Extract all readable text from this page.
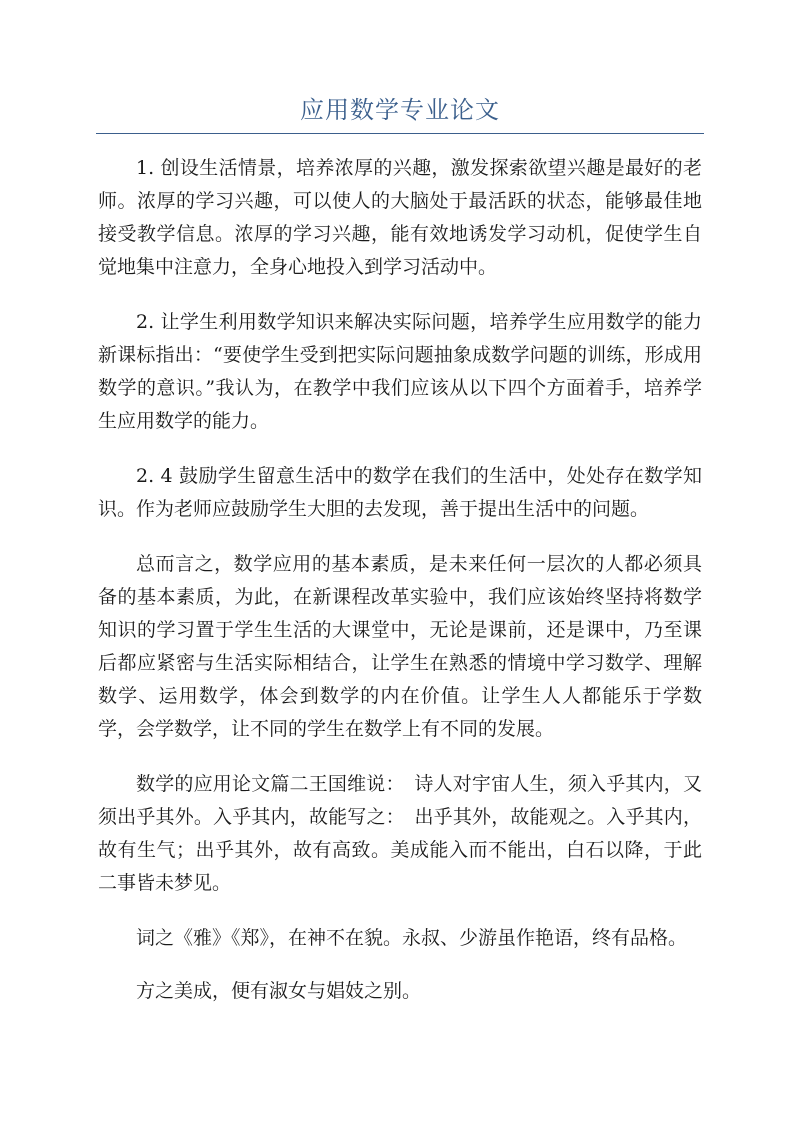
应用数学专业论文

1. 创设生活情景，培养浓厚的兴趣，激发探索欲望兴趣是最好的老师。浓厚的学习兴趣，可以使人的大脑处于最活跃的状态，能够最佳地接受教学信息。浓厚的学习兴趣，能有效地诱发学习动机，促使学生自觉地集中注意力，全身心地投入到学习活动中。

2. 让学生利用数学知识来解决实际问题，培养学生应用数学的能力新课标指出：“要使学生受到把实际问题抽象成数学问题的训练，形成用数学的意识。”我认为，在教学中我们应该从以下四个方面着手，培养学生应用数学的能力。

2. 4 鼓励学生留意生活中的数学在我们的生活中，处处存在数学知识。作为老师应鼓励学生大胆的去发现，善于提出生活中的问题。

总而言之，数学应用的基本素质，是未来任何一层次的人都必须具备的基本素质，为此，在新课程改革实验中，我们应该始终坚持将数学知识的学习置于学生生活的大课堂中，无论是课前，还是课中，乃至课后都应紧密与生活实际相结合，让学生在熟悉的情境中学习数学、理解数学、运用数学，体会到数学的内在价值。让学生人人都能乐于学数学，会学数学，让不同的学生在数学上有不同的发展。

数学的应用论文篇二王国维说：　诗人对宇宙人生，须入乎其内，又须出乎其外。入乎其内，故能写之：　出乎其外，故能观之。入乎其内，故有生气；出乎其外，故有高致。美成能入而不能出，白石以降，于此二事皆未梦见。

词之《雅》《郑》，在神不在貌。永叔、少游虽作艳语，终有品格。

方之美成，便有淑女与娼妓之别。
